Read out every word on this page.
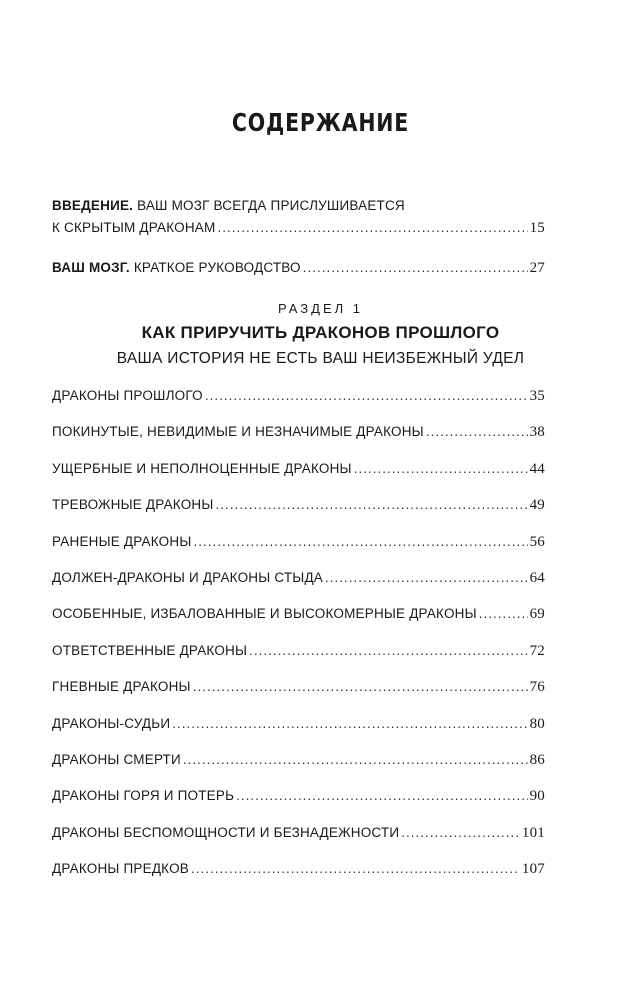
СОДЕРЖАНИЕ
ВВЕДЕНИЕ. ВАШ МОЗГ ВСЕГДА ПРИСЛУШИВАЕТСЯ
К СКРЫТЫМ ДРАКОНАМ .....	15
ВАШ МОЗГ. КРАТКОЕ РУКОВОДСТВО .....	27
РАЗДЕЛ 1
КАК ПРИРУЧИТЬ ДРАКОНОВ ПРОШЛОГО
ВАША ИСТОРИЯ НЕ ЕСТЬ ВАШ НЕИЗБЕЖНЫЙ УДЕЛ
ДРАКОНЫ ПРОШЛОГО .....	35
ПОКИНУТЫЕ, НЕВИДИМЫЕ И НЕЗНАЧИМЫЕ ДРАКОНЫ .....	38
УЩЕРБНЫЕ И НЕПОЛНОЦЕННЫЕ ДРАКОНЫ .....	44
ТРЕВОЖНЫЕ ДРАКОНЫ .....	49
РАНЕНЫЕ ДРАКОНЫ .....	56
ДОЛЖЕН-ДРАКОНЫ И ДРАКОНЫ СТЫДА .....	64
ОСОБЕННЫЕ, ИЗБАЛОВАННЫЕ И ВЫСОКОМЕРНЫЕ ДРАКОНЫ .....	69
ОТВЕТСТВЕННЫЕ ДРАКОНЫ .....	72
ГНЕВНЫЕ ДРАКОНЫ .....	76
ДРАКОНЫ-СУДЬИ .....	80
ДРАКОНЫ СМЕРТИ .....	86
ДРАКОНЫ ГОРЯ И ПОТЕРЬ .....	90
ДРАКОНЫ БЕСПОМОЩНОСТИ И БЕЗНАДЕЖНОСТИ .....	101
ДРАКОНЫ ПРЕДКОВ .....	107
